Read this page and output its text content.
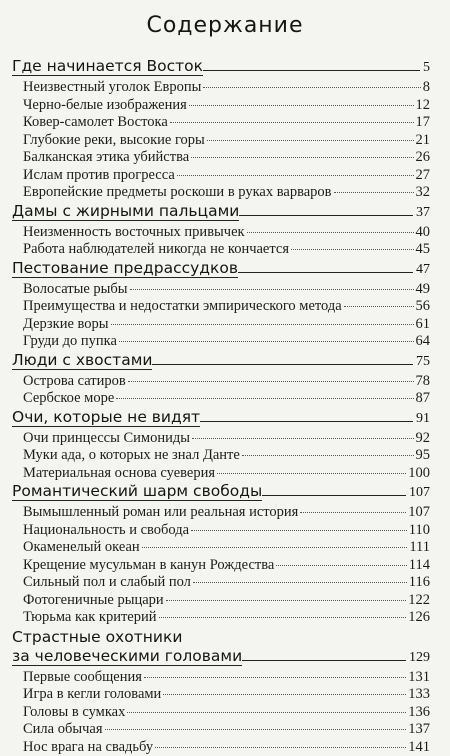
Содержание
Где начинается Восток	5
Неизвестный уголок Европы	8
Черно-белые изображения	12
Ковер-самолет Востока	17
Глубокие реки, высокие горы	21
Балканская этика убийства	26
Ислам против прогресса	27
Европейские предметы роскоши в руках варваров	32
Дамы с жирными пальцами	37
Неизменность восточных привычек	40
Работа наблюдателей никогда не кончается	45
Пестование предрассудков	47
Волосатые рыбы	49
Преимущества и недостатки эмпирического метода	56
Дерзкие воры	61
Груди до пупка	64
Люди с хвостами	75
Острова сатиров	78
Сербское море	87
Очи, которые не видят	91
Очи принцессы Симониды	92
Муки ада, о которых не знал Данте	95
Материальная основа суеверия	100
Романтический шарм свободы	107
Вымышленный роман или реальная история	107
Национальность и свобода	110
Окаменелый океан	111
Крещение мусульман в канун Рождества	114
Сильный пол и слабый пол	116
Фотогеничные рыцари	122
Тюрьма как критерий	126
Страстные охотники
за человеческими головами	129
Первые сообщения	131
Игра в кегли головами	133
Головы в сумках	136
Сила обычая	137
Нос врага на свадьбу	141
